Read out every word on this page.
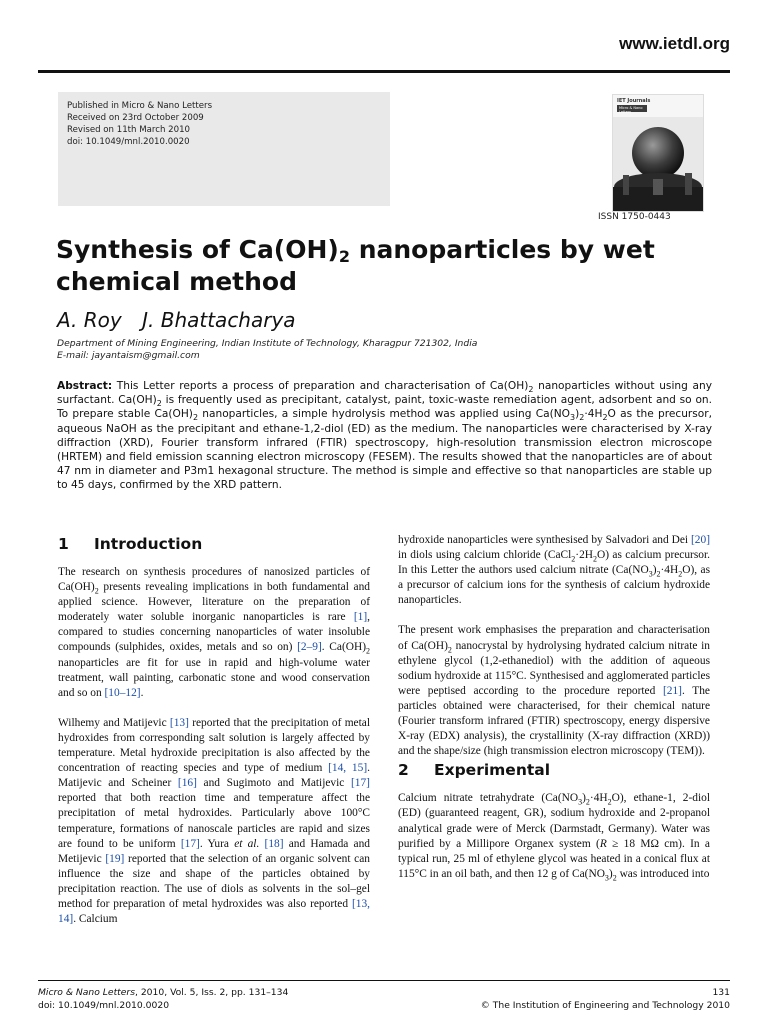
www.ietdl.org
Published in Micro & Nano Letters
Received on 23rd October 2009
Revised on 11th March 2010
doi: 10.1049/mnl.2010.0020
IET Journals
Micro & Nano Letters
ISSN 1750-0443
Synthesis of $Ca(OH)_2$ nanoparticles by wet chemical method
A. Roy J. Bhattacharya
Department of Mining Engineering, Indian Institute of Technology, Kharagpur 721302, India
E-mail: jayantaism@gmail.com

Abstract: This Letter reports a process of preparation and characterisation of $Ca(OH)_2$ nanoparticles without using any surfactant. $Ca(OH)_2$ is frequently used as precipitant, catalyst, paint, toxic-waste remediation agent, adsorbent and so on. To prepare stable $Ca(OH)_2$ nanoparticles, a simple hydrolysis method was applied using $Ca(NO_3)_2\cdot 4H_2O$ as the precursor, aqueous NaOH as the precipitant and ethane-1,2-diol (ED) as the medium. The nanoparticles were characterised by X-ray diffraction (XRD), Fourier transform infrared (FTIR) spectroscopy, high-resolution transmission electron microscope (HRTEM) and field emission scanning electron microscopy (FESEM). The results showed that the nanoparticles are of about 47 nm in diameter and P3m1 hexagonal structure. The method is simple and effective so that nanoparticles are stable up to 45 days, confirmed by the XRD pattern.

1 Introduction

The research on synthesis procedures of nanosized particles of $Ca(OH)_2$ presents revealing implications in both fundamental and applied science. However, literature on the preparation of moderately water soluble inorganic nanoparticles is rare [1], compared to studies concerning nanoparticles of water insoluble compounds (sulphides, oxides, metals and so on) [2–9]. $Ca(OH)_2$ nanoparticles are fit for use in rapid and high-volume water treatment, wall painting, carbonatic stone and wood conservation and so on [10–12].

Wilhemy and Matijevic [13] reported that the precipitation of metal hydroxides from corresponding salt solution is largely affected by temperature. Metal hydroxide precipitation is also affected by the concentration of reacting species and type of medium [14, 15]. Matijevic and Scheiner [16] and Sugimoto and Matijevic [17] reported that both reaction time and temperature affect the precipitation of metal hydroxides. Particularly above 100°C temperature, formations of nanoscale particles are rapid and sizes are found to be uniform [17]. Yura et al. [18] and Hamada and Metijevic [19] reported that the selection of an organic solvent can influence the size and shape of the particles obtained by precipitation reaction. The use of diols as solvents in the sol–gel method for preparation of metal hydroxides was also reported [13, 14]. Calcium

hydroxide nanoparticles were synthesised by Salvadori and Dei [20] in diols using calcium chloride $(CaCl_2\cdot 2H_2O)$ as calcium precursor. In this Letter the authors used calcium nitrate $(Ca(NO_3)_2\cdot 4H_2O)$, as a precursor of calcium ions for the synthesis of calcium hydroxide nanoparticles.

The present work emphasises the preparation and characterisation of $Ca(OH)_2$ nanocrystal by hydrolysing hydrated calcium nitrate in ethylene glycol (1,2-ethanediol) with the addition of aqueous sodium hydroxide at 115°C. Synthesised and agglomerated particles were peptised according to the procedure reported [21]. The particles obtained were characterised, for their chemical nature (Fourier transform infrared (FTIR) spectroscopy, energy dispersive X-ray (EDX) analysis), the crystallinity (X-ray diffraction (XRD)) and the shape/size (high transmission electron microscopy (TEM)).

2 Experimental

Calcium nitrate tetrahydrate $(Ca(NO_3)_2\cdot 4H_2O)$, ethane-1, 2-diol (ED) (guaranteed reagent, GR), sodium hydroxide and 2-propanol analytical grade were of Merck (Darmstadt, Germany). Water was purified by a Millipore Organex system (R ≥ 18 MΩ cm). In a typical run, 25 ml of ethylene glycol was heated in a conical flux at 115°C in an oil bath, and then 12 g of $Ca(NO_3)_2$ was introduced into

Micro & Nano Letters, 2010, Vol. 5, Iss. 2, pp. 131–134
doi: 10.1049/mnl.2010.0020
131
© The Institution of Engineering and Technology 2010
